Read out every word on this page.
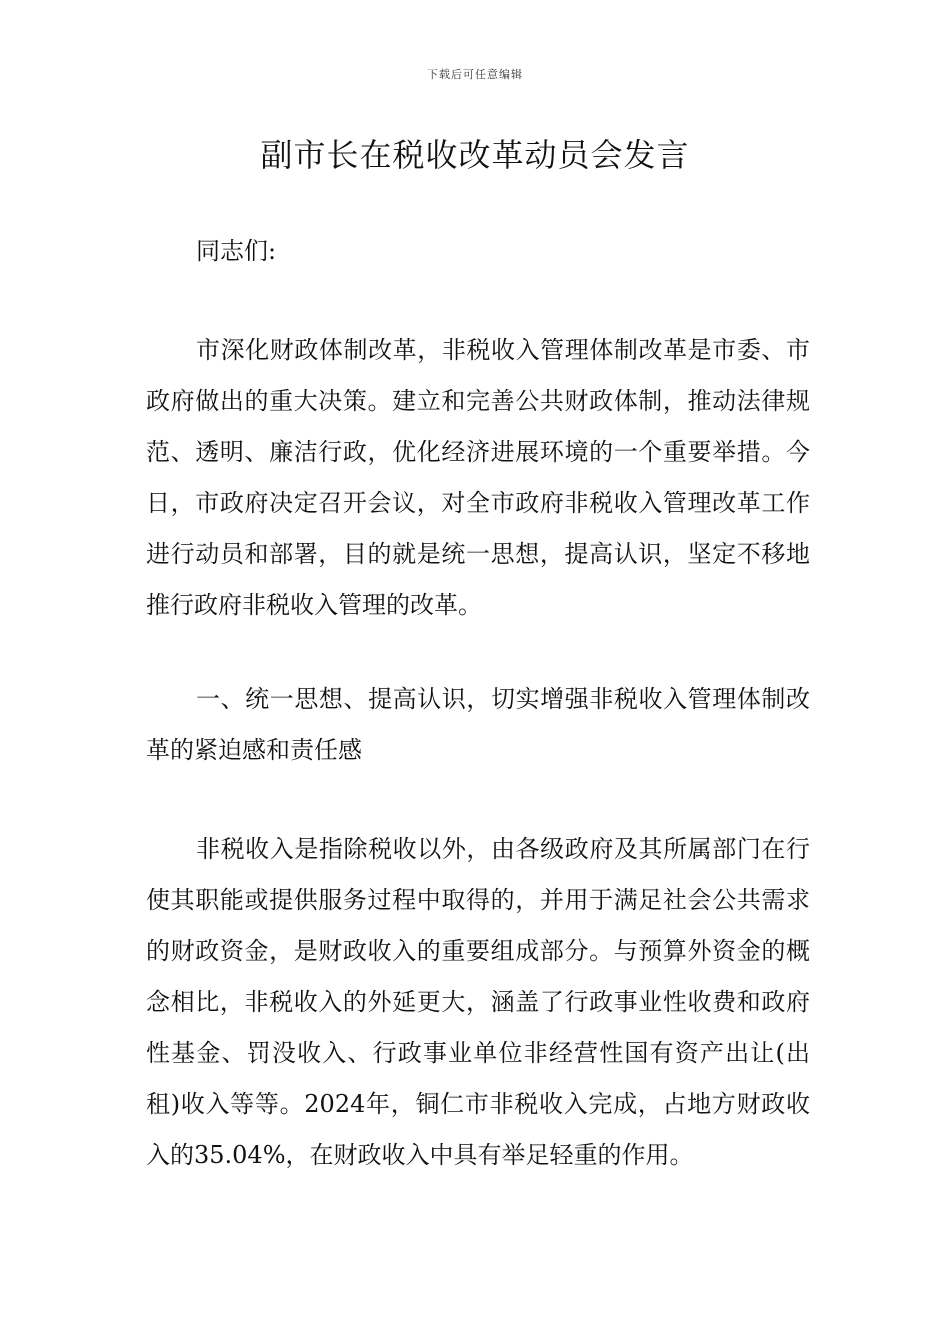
下载后可任意编辑
副市长在税收改革动员会发言

同志们:

市深化财政体制改革，非税收入管理体制改革是市委、市政府做出的重大决策。建立和完善公共财政体制，推动法律规范、透明、廉洁行政，优化经济进展环境的一个重要举措。今日，市政府决定召开会议，对全市政府非税收入管理改革工作进行动员和部署，目的就是统一思想，提高认识，坚定不移地推行政府非税收入管理的改革。

一、统一思想、提高认识，切实增强非税收入管理体制改革的紧迫感和责任感

非税收入是指除税收以外，由各级政府及其所属部门在行使其职能或提供服务过程中取得的，并用于满足社会公共需求的财政资金，是财政收入的重要组成部分。与预算外资金的概念相比，非税收入的外延更大，涵盖了行政事业性收费和政府性基金、罚没收入、行政事业单位非经营性国有资产出让(出租)收入等等。2024年，铜仁市非税收入完成，占地方财政收入的35.04%，在财政收入中具有举足轻重的作用。
